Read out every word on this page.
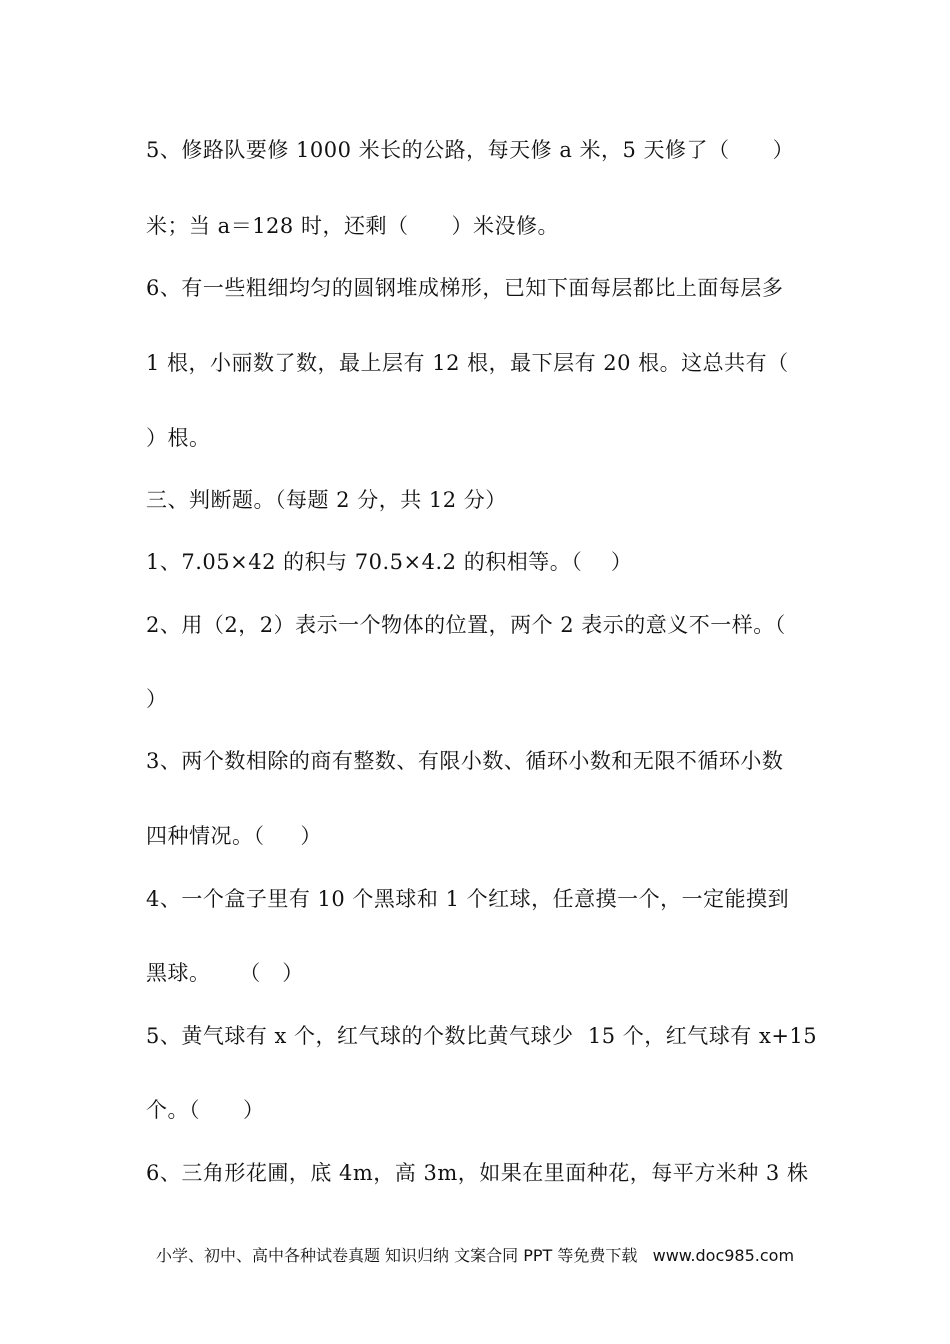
5、修路队要修 1000 米长的公路，每天修 a 米，5 天修了（      ）
米；当 a＝128 时，还剩（      ）米没修。
6、有一些粗细均匀的圆钢堆成梯形，已知下面每层都比上面每层多
1 根，小丽数了数，最上层有 12 根，最下层有 20 根。这总共有（
）根。
三、判断题。（每题 2 分，共 12 分）
1、7.05×42 的积与 70.5×4.2 的积相等。（    ）
2、用（2，2）表示一个物体的位置，两个 2 表示的意义不一样。（
）
3、两个数相除的商有整数、有限小数、循环小数和无限不循环小数
四种情况。（     ）
4、一个盒子里有 10 个黑球和 1 个红球，任意摸一个，一定能摸到
黑球。    （   ）
5、黄气球有 x 个，红气球的个数比黄气球少  15 个，红气球有 x+15
个。（      ）
6、三角形花圃，底 4m，高 3m，如果在里面种花，每平方米种 3 株
小学、初中、高中各种试卷真题 知识归纳 文案合同 PPT 等免费下载   www.doc985.com
